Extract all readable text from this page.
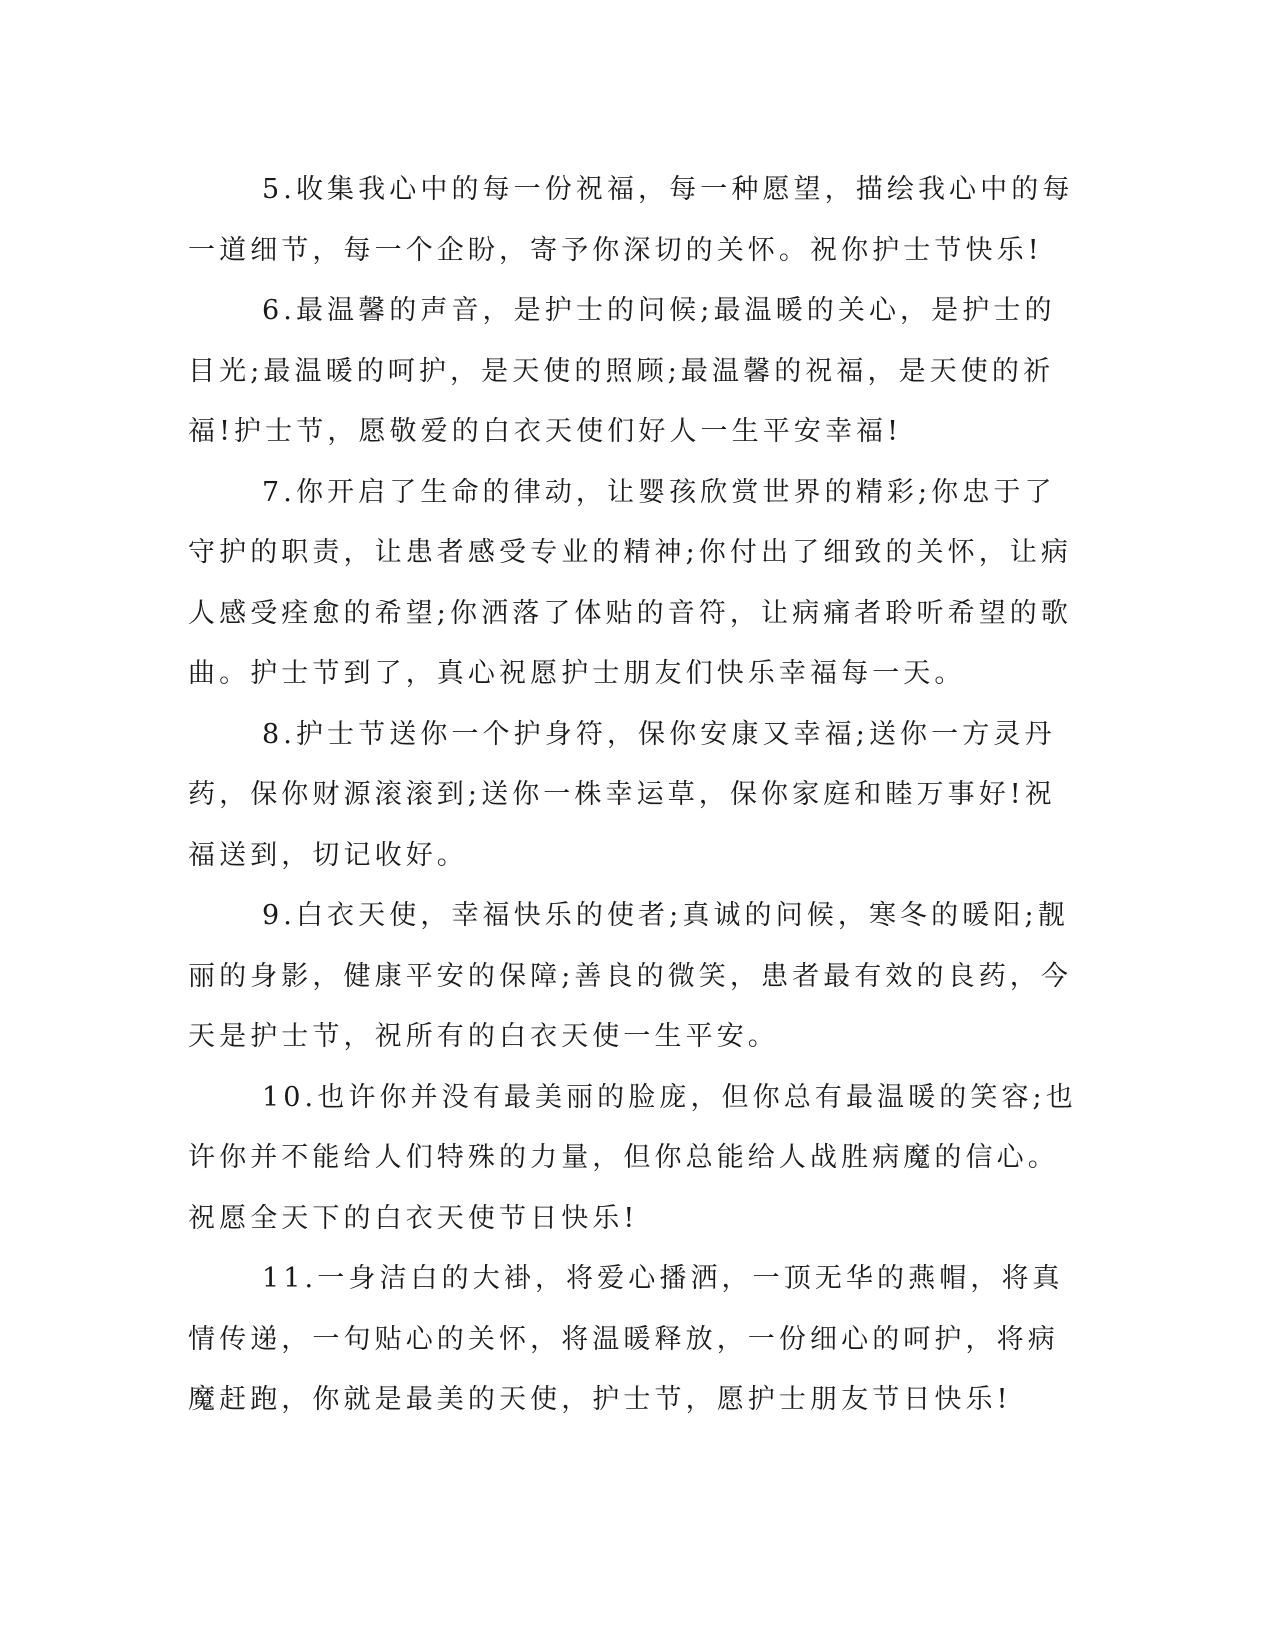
5.收集我心中的每一份祝福，每一种愿望，描绘我心中的每一道细节，每一个企盼，寄予你深切的关怀。祝你护士节快乐!

6.最温馨的声音，是护士的问候;最温暖的关心，是护士的目光;最温暖的呵护，是天使的照顾;最温馨的祝福，是天使的祈福!护士节，愿敬爱的白衣天使们好人一生平安幸福!

7.你开启了生命的律动，让婴孩欣赏世界的精彩;你忠于了守护的职责，让患者感受专业的精神;你付出了细致的关怀，让病人感受痊愈的希望;你洒落了体贴的音符，让病痛者聆听希望的歌曲。护士节到了，真心祝愿护士朋友们快乐幸福每一天。

8.护士节送你一个护身符，保你安康又幸福;送你一方灵丹药，保你财源滚滚到;送你一株幸运草，保你家庭和睦万事好!祝福送到，切记收好。

9.白衣天使，幸福快乐的使者;真诚的问候，寒冬的暖阳;靓丽的身影，健康平安的保障;善良的微笑，患者最有效的良药，今天是护士节，祝所有的白衣天使一生平安。

10.也许你并没有最美丽的脸庞，但你总有最温暖的笑容;也许你并不能给人们特殊的力量，但你总能给人战胜病魔的信心。祝愿全天下的白衣天使节日快乐!

11.一身洁白的大褂，将爱心播洒，一顶无华的燕帽，将真情传递，一句贴心的关怀，将温暖释放，一份细心的呵护，将病魔赶跑，你就是最美的天使，护士节，愿护士朋友节日快乐!
